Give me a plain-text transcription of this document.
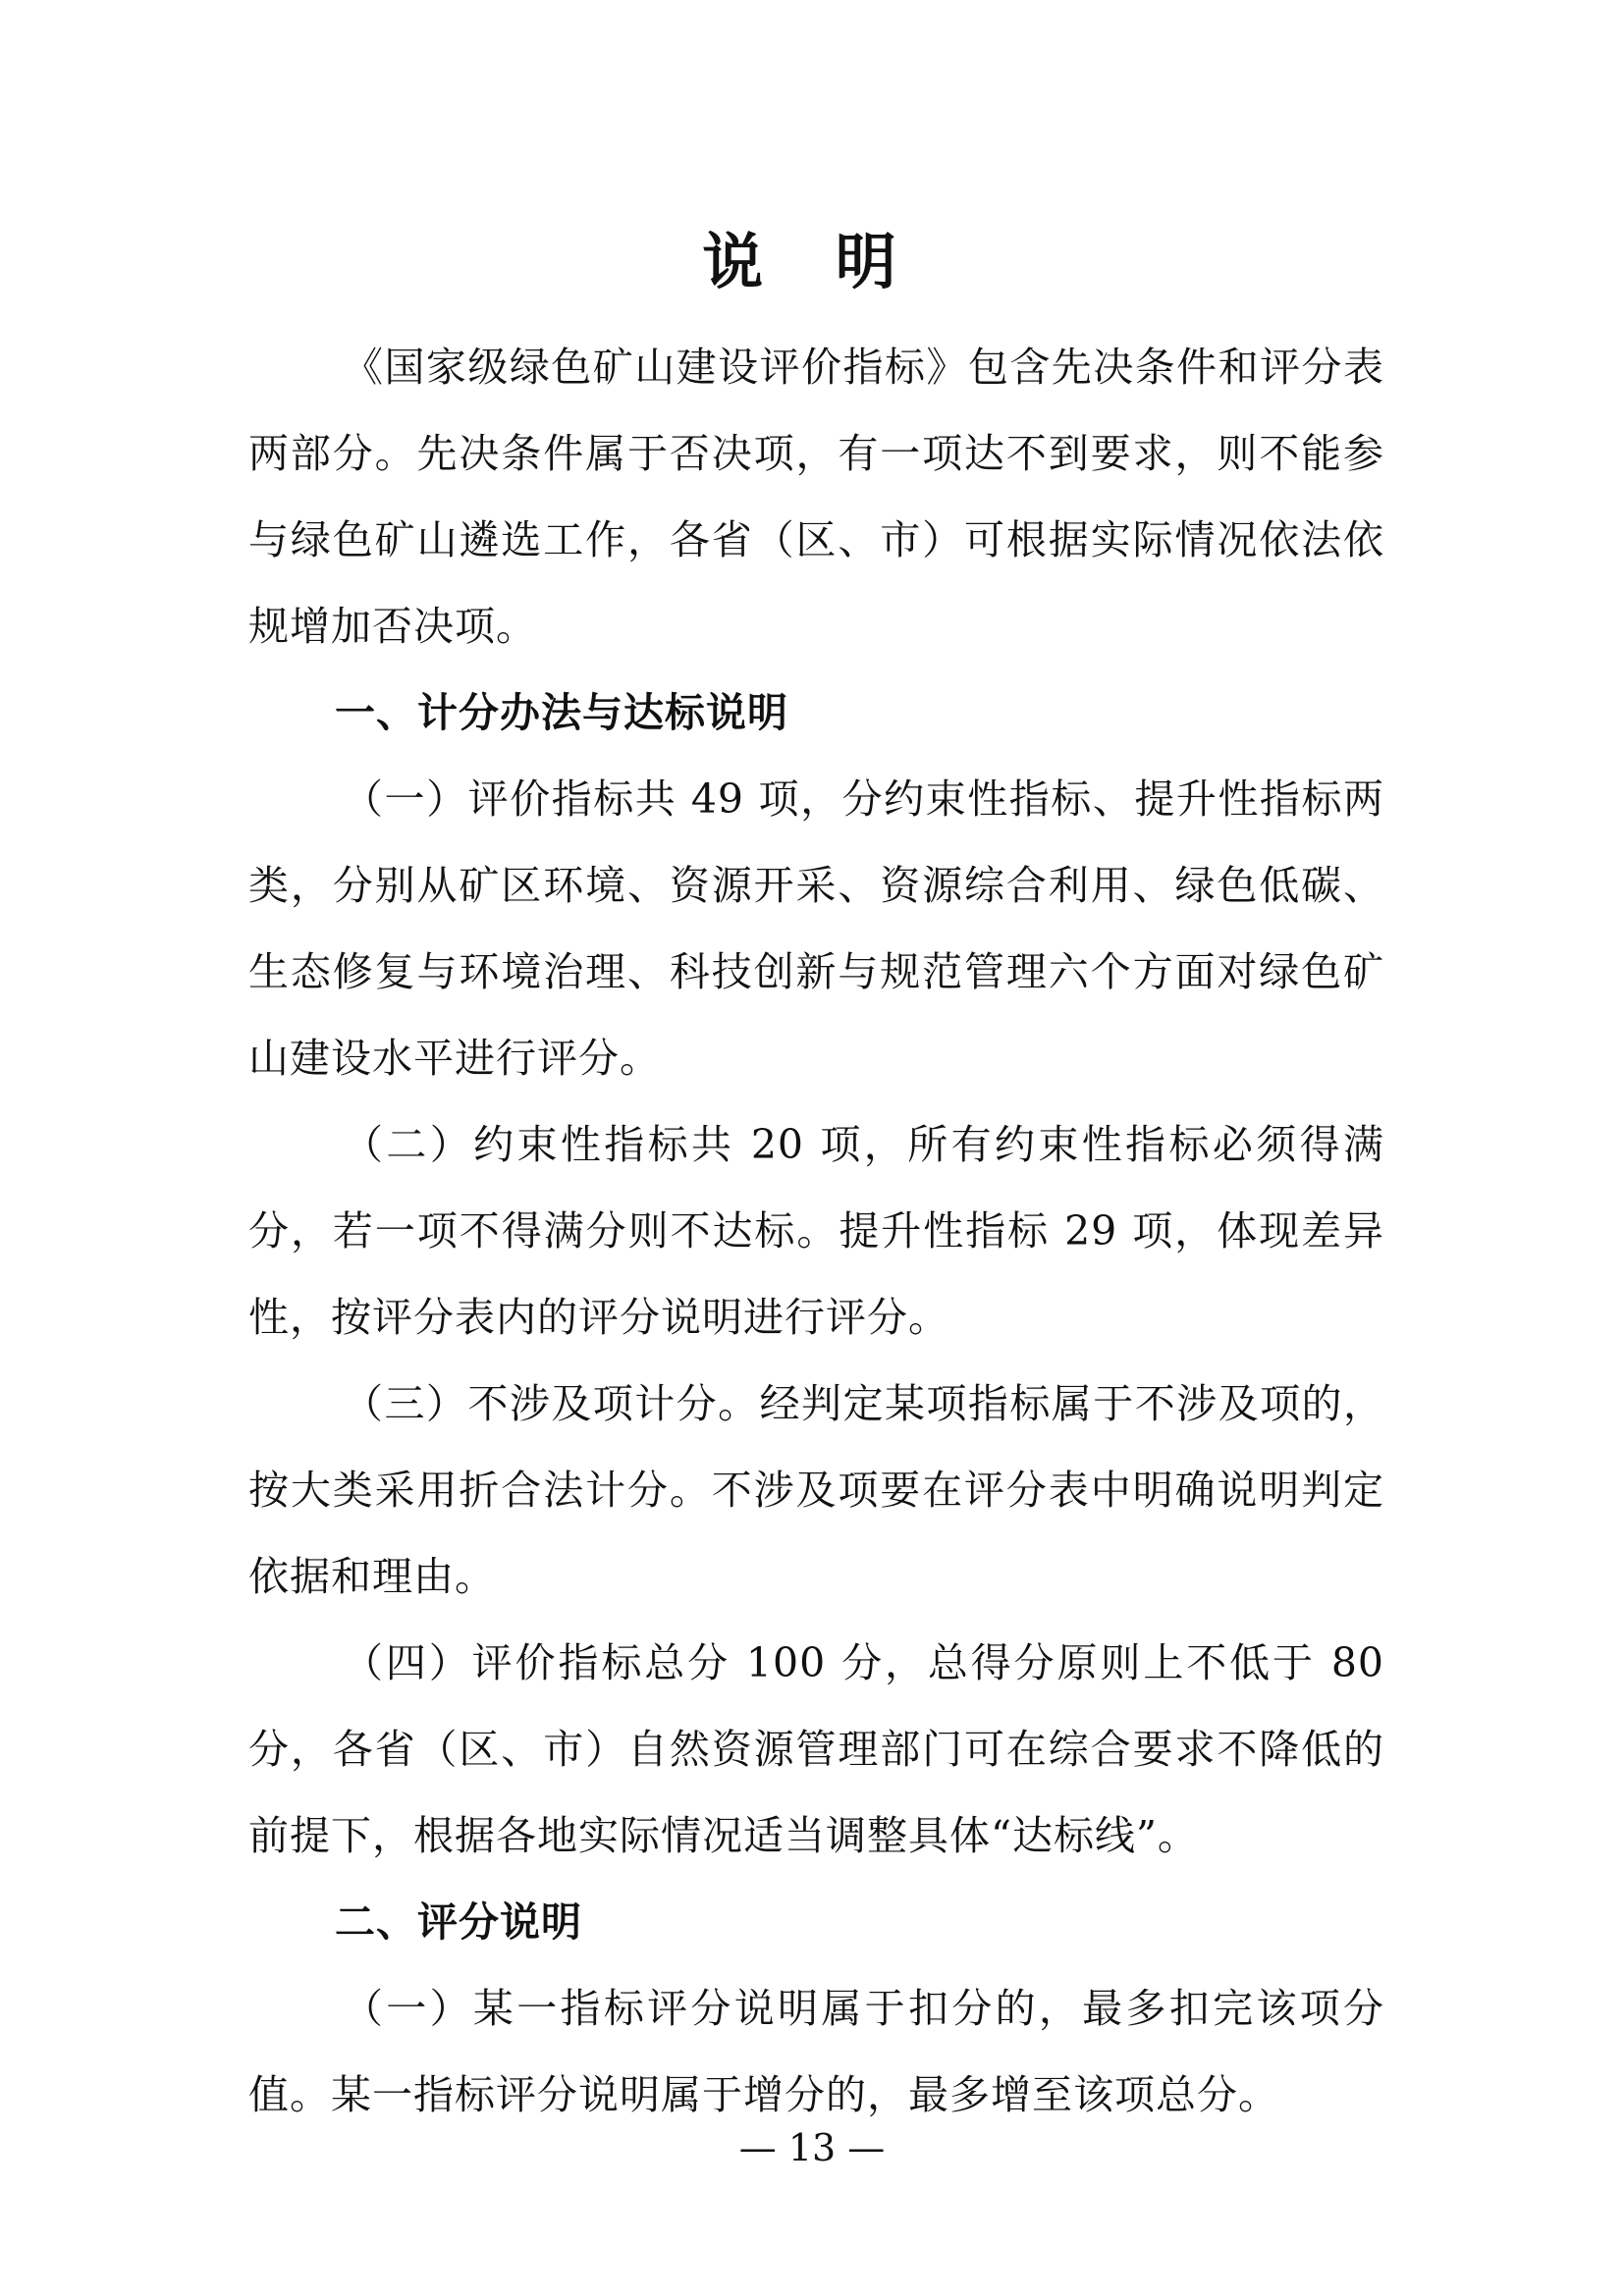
说 明

《国家级绿色矿山建设评价指标》包含先决条件和评分表两部分。先决条件属于否决项，有一项达不到要求，则不能参与绿色矿山遴选工作，各省（区、市）可根据实际情况依法依规增加否决项。

一、计分办法与达标说明

（一）评价指标共 49 项，分约束性指标、提升性指标两类，分别从矿区环境、资源开采、资源综合利用、绿色低碳、生态修复与环境治理、科技创新与规范管理六个方面对绿色矿山建设水平进行评分。

（二）约束性指标共 20 项，所有约束性指标必须得满分，若一项不得满分则不达标。提升性指标 29 项，体现差异性，按评分表内的评分说明进行评分。

（三）不涉及项计分。经判定某项指标属于不涉及项的，按大类采用折合法计分。不涉及项要在评分表中明确说明判定依据和理由。

（四）评价指标总分 100 分，总得分原则上不低于 80 分，各省（区、市）自然资源管理部门可在综合要求不降低的前提下，根据各地实际情况适当调整具体“达标线”。

二、评分说明

（一）某一指标评分说明属于扣分的，最多扣完该项分值。某一指标评分说明属于增分的，最多增至该项总分。

— 13 —
